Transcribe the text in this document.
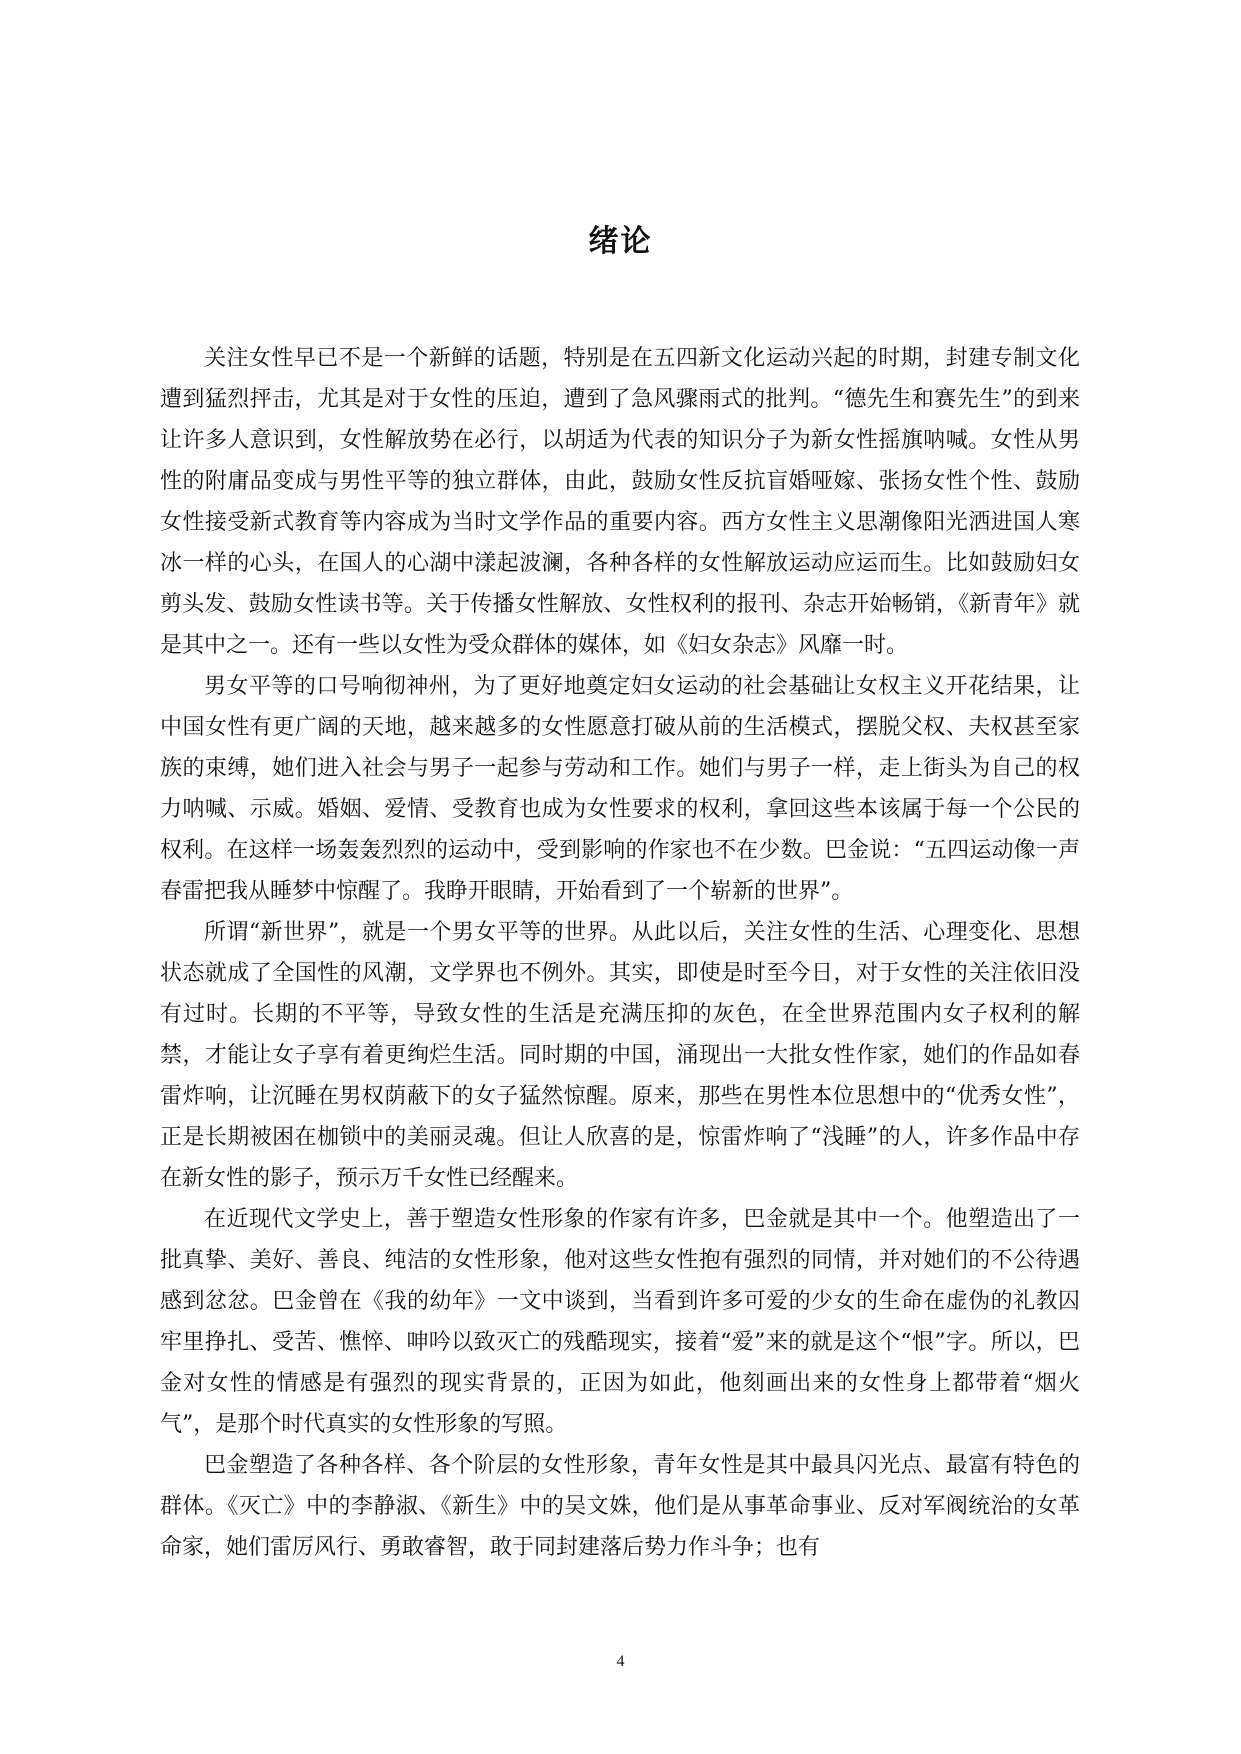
绪论

关注女性早已不是一个新鲜的话题，特别是在五四新文化运动兴起的时期，封建专制文化遭到猛烈抨击，尤其是对于女性的压迫，遭到了急风骤雨式的批判。“德先生和赛先生”的到来让许多人意识到，女性解放势在必行，以胡适为代表的知识分子为新女性摇旗呐喊。女性从男性的附庸品变成与男性平等的独立群体，由此，鼓励女性反抗盲婚哑嫁、张扬女性个性、鼓励女性接受新式教育等内容成为当时文学作品的重要内容。西方女性主义思潮像阳光洒进国人寒冰一样的心头，在国人的心湖中漾起波澜，各种各样的女性解放运动应运而生。比如鼓励妇女剪头发、鼓励女性读书等。关于传播女性解放、女性权利的报刊、杂志开始畅销，《新青年》就是其中之一。还有一些以女性为受众群体的媒体，如《妇女杂志》风靡一时。

男女平等的口号响彻神州，为了更好地奠定妇女运动的社会基础让女权主义开花结果，让中国女性有更广阔的天地，越来越多的女性愿意打破从前的生活模式，摆脱父权、夫权甚至家族的束缚，她们进入社会与男子一起参与劳动和工作。她们与男子一样，走上街头为自己的权力呐喊、示威。婚姻、爱情、受教育也成为女性要求的权利，拿回这些本该属于每一个公民的权利。在这样一场轰轰烈烈的运动中，受到影响的作家也不在少数。巴金说：“五四运动像一声春雷把我从睡梦中惊醒了。我睁开眼睛，开始看到了一个崭新的世界”。

所谓“新世界”，就是一个男女平等的世界。从此以后，关注女性的生活、心理变化、思想状态就成了全国性的风潮，文学界也不例外。其实，即使是时至今日，对于女性的关注依旧没有过时。长期的不平等，导致女性的生活是充满压抑的灰色，在全世界范围内女子权利的解禁，才能让女子享有着更绚烂生活。同时期的中国，涌现出一大批女性作家，她们的作品如春雷炸响，让沉睡在男权荫蔽下的女子猛然惊醒。原来，那些在男性本位思想中的“优秀女性”，正是长期被困在枷锁中的美丽灵魂。但让人欣喜的是，惊雷炸响了“浅睡”的人，许多作品中存在新女性的影子，预示万千女性已经醒来。

在近现代文学史上，善于塑造女性形象的作家有许多，巴金就是其中一个。他塑造出了一批真挚、美好、善良、纯洁的女性形象，他对这些女性抱有强烈的同情，并对她们的不公待遇感到忿忿。巴金曾在《我的幼年》一文中谈到，当看到许多可爱的少女的生命在虚伪的礼教囚牢里挣扎、受苦、憔悴、呻吟以致灭亡的残酷现实，接着“爱”来的就是这个“恨”字。所以，巴金对女性的情感是有强烈的现实背景的，正因为如此，他刻画出来的女性身上都带着“烟火气”，是那个时代真实的女性形象的写照。

巴金塑造了各种各样、各个阶层的女性形象，青年女性是其中最具闪光点、最富有特色的群体。《灭亡》中的李静淑、《新生》中的吴文姝，他们是从事革命事业、反对军阀统治的女革命家，她们雷厉风行、勇敢睿智，敢于同封建落后势力作斗争；也有

4
